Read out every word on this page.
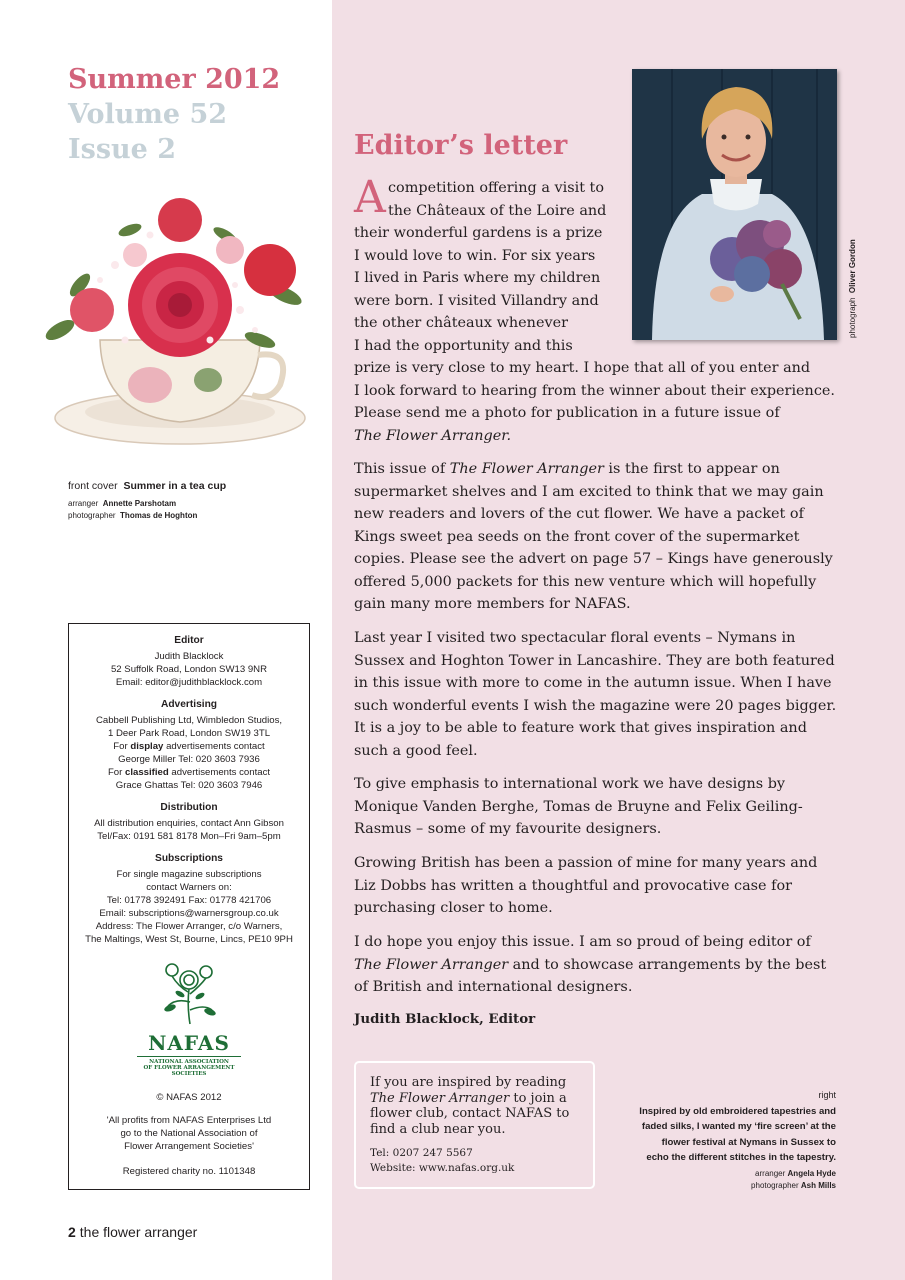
Summer 2012
Volume 52
Issue 2
front cover Summer in a tea cup
arranger Annette Parshotam
photographer Thomas de Hoghton
Editor

Judith Blacklock

52 Suffolk Road, London SW13 9NR

Email: editor@judithblacklock.com

Advertising

Cabbell Publishing Ltd, Wimbledon Studios,

1 Deer Park Road, London SW19 3TL

For display advertisements contact

George Miller Tel: 020 3603 7936

For classified advertisements contact

Grace Ghattas Tel: 020 3603 7946

Distribution

All distribution enquiries, contact Ann Gibson

Tel/Fax: 0191 581 8178 Mon–Fri 9am–5pm

Subscriptions

For single magazine subscriptions

contact Warners on:

Tel: 01778 392491 Fax: 01778 421706

Email: subscriptions@warnersgroup.co.uk

Address: The Flower Arranger, c/o Warners,

The Maltings, West St, Bourne, Lincs, PE10 9PH

NAFAS
NATIONAL ASSOCIATION
OF FLOWER ARRANGEMENT
SOCIETIES

© NAFAS 2012

'All profits from NAFAS Enterprises Ltd

go to the National Association of

Flower Arrangement Societies'

Registered charity no. 1101348

2 the flower arranger
Editor’s letter
photograph  Oliver Gordon
A competition offering a visit to
the Châteaux of the Loire and
their wonderful gardens is a prize
I would love to win. For six years
I lived in Paris where my children
were born. I visited Villandry and
the other châteaux whenever
I had the opportunity and this
prize is very close to my heart. I hope that all of you enter and
I look forward to hearing from the winner about their experience.
Please send me a photo for publication in a future issue of
The Flower Arranger.

This issue of The Flower Arranger is the first to appear on

supermarket shelves and I am excited to think that we may gain

new readers and lovers of the cut flower. We have a packet of

Kings sweet pea seeds on the front cover of the supermarket

copies. Please see the advert on page 57 – Kings have generously

offered 5,000 packets for this new venture which will hopefully

gain many more members for NAFAS.

Last year I visited two spectacular floral events – Nymans in

Sussex and Hoghton Tower in Lancashire. They are both featured

in this issue with more to come in the autumn issue. When I have

such wonderful events I wish the magazine were 20 pages bigger.

It is a joy to be able to feature work that gives inspiration and

such a good feel.

To give emphasis to international work we have designs by

Monique Vanden Berghe, Tomas de Bruyne and Felix Geiling-

Rasmus – some of my favourite designers.

Growing British has been a passion of mine for many years and

Liz Dobbs has written a thoughtful and provocative case for

purchasing closer to home.

I do hope you enjoy this issue. I am so proud of being editor of

The Flower Arranger and to showcase arrangements by the best

of British and international designers.

Judith Blacklock, Editor

If you are inspired by reading

The Flower Arranger to join a

flower club, contact NAFAS to

find a club near you.

Tel: 0207 247 5567

Website: www.nafas.org.uk

right

Inspired by old embroidered tapestries and

faded silks, I wanted my ‘fire screen’ at the

flower festival at Nymans in Sussex to

echo the different stitches in the tapestry.

arranger Angela Hyde
photographer Ash Mills
